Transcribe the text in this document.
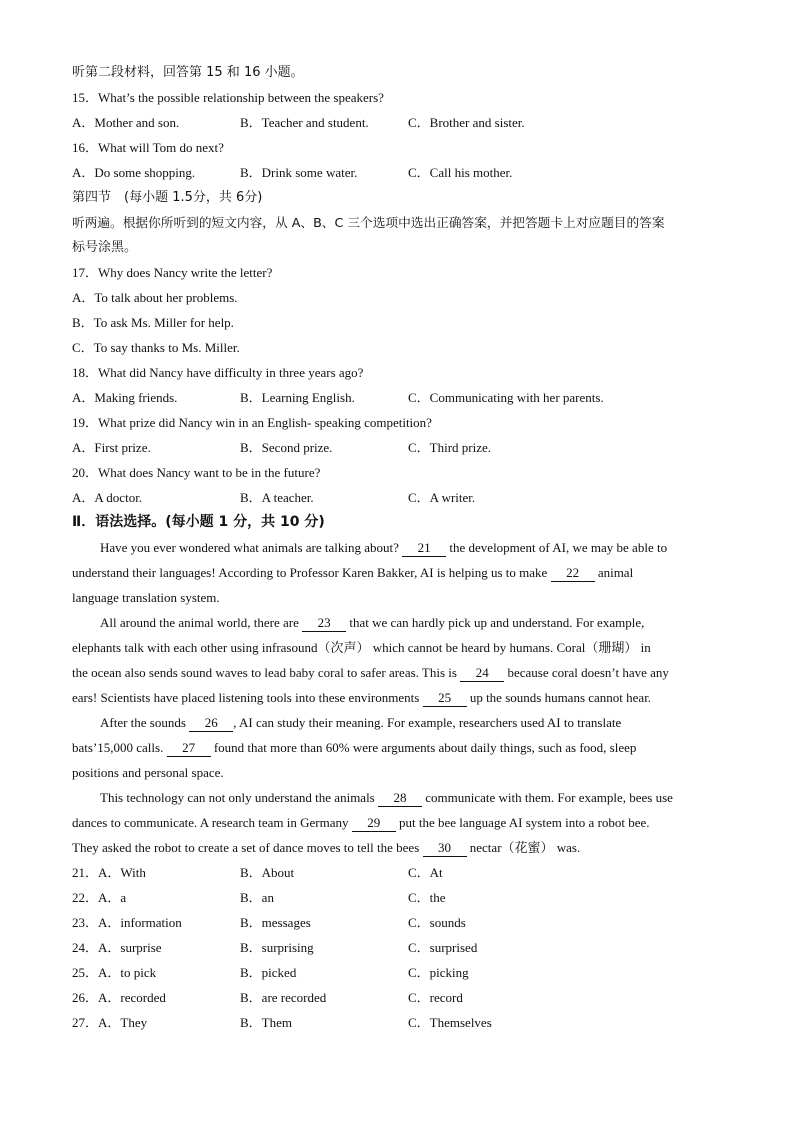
听第二段材料，回答第 15 和 16 小题。
15．What’s the possible relationship between the speakers?
A．Mother and son.	B．Teacher and student.	C．Brother and sister.
16．What will Tom do next?
A．Do some shopping.	B．Drink some water.	C．Call his mother.
第四节　(每小题 1.5分，共 6分)
听两遍。根据你所听到的短文内容，从 A、B、C 三个选项中选出正确答案，并把答题卡上对应题目的答案
标号涂黑。
17．Why does Nancy write the letter?
A．To talk about her problems.
B．To ask Ms. Miller for help.
C．To say thanks to Ms. Miller.
18．What did Nancy have difficulty in three years ago?
A．Making friends.	B．Learning English.	C．Communicating with her parents.
19．What prize did Nancy win in an English- speaking competition?
A．First prize.	B．Second prize.	C．Third prize.
20．What does Nancy want to be in the future?
A．A doctor.	B．A teacher.	C．A writer.
Ⅱ．语法选择。(每小题 1 分，共 10 分)
Have you ever wondered what animals are talking about? 21 the development of AI, we may be able to
understand their languages! According to Professor Karen Bakker, AI is helping us to make 22 animal
language translation system.
All around the animal world, there are 23 that we can hardly pick up and understand. For example,
elephants talk with each other using infrasound（次声） which cannot be heard by humans. Coral（珊瑚） in
the ocean also sends sound waves to lead baby coral to safer areas. This is 24 because coral doesn’t have any
ears! Scientists have placed listening tools into these environments 25 up the sounds humans cannot hear.
After the sounds 26 , AI can study their meaning. For example, researchers used AI to translate
bats’15,000 calls. 27 found that more than 60% were arguments about daily things, such as food, sleep
positions and personal space.
This technology can not only understand the animals 28 communicate with them. For example, bees use
dances to communicate. A research team in Germany 29 put the bee language AI system into a robot bee.
They asked the robot to create a set of dance moves to tell the bees 30 nectar（花蜜） was.
21．A．With	B．About	C．At
22．A．a	B．an	C．the
23．A．information	B．messages	C．sounds
24．A．surprise	B．surprising	C．surprised
25．A．to pick	B．picked	C．picking
26．A．recorded	B．are recorded	C．record
27．A．They	B．Them	C．Themselves
